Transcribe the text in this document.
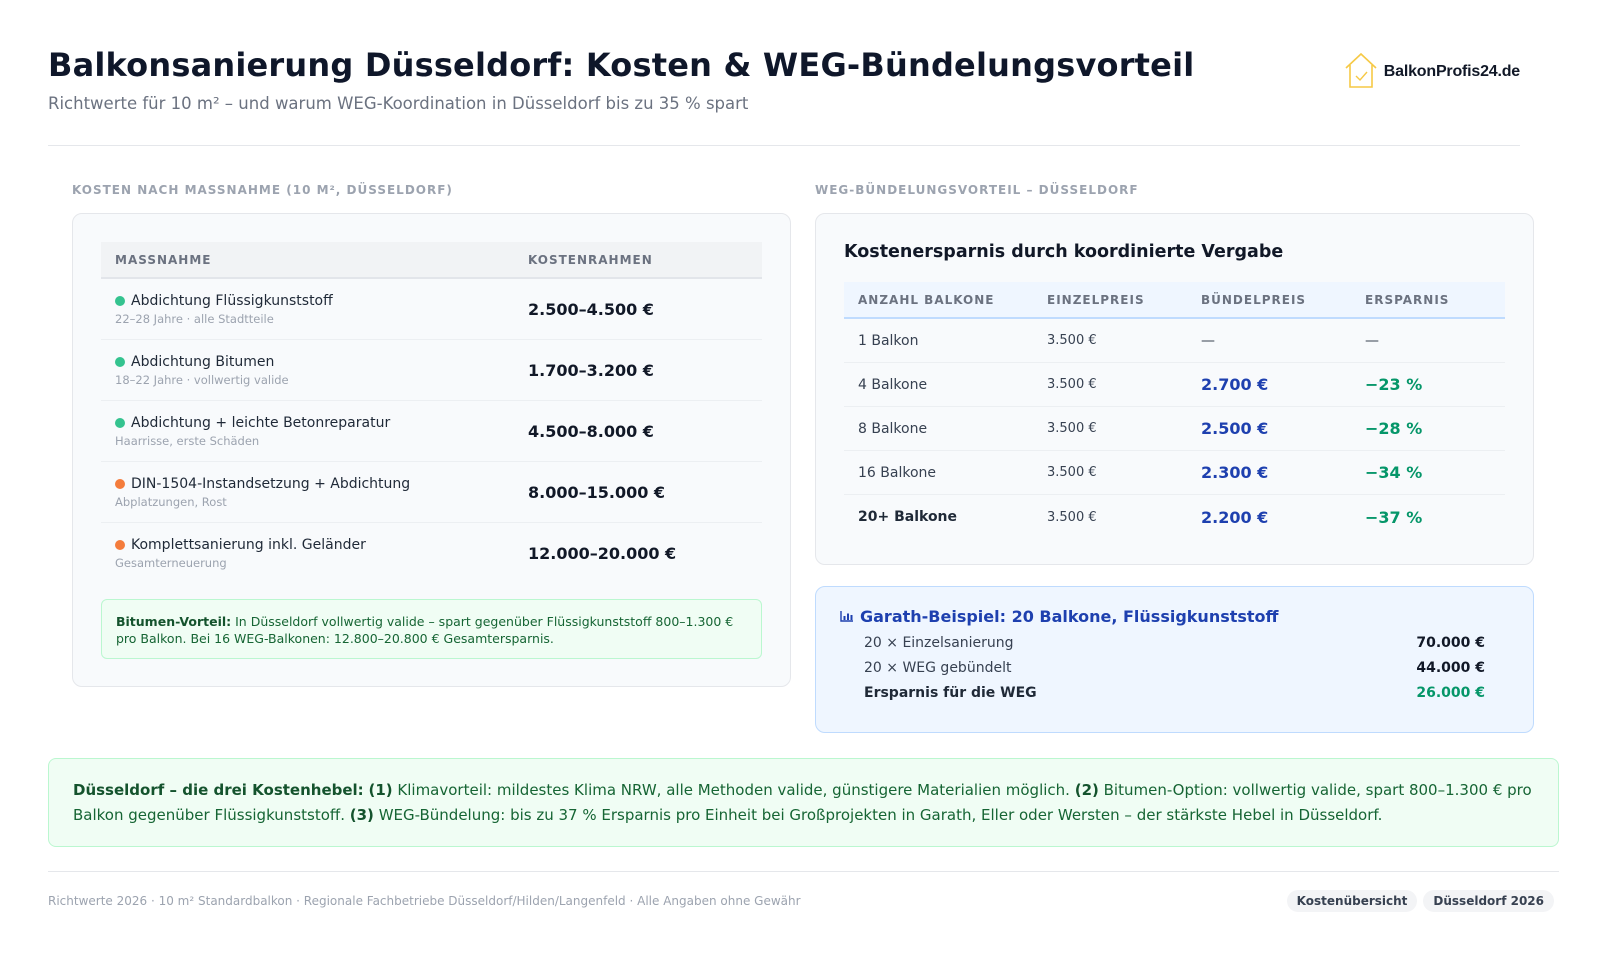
Balkonsanierung Düsseldorf: Kosten & WEG-Bündelungsvorteil

Richtwerte für 10 m² – und warum WEG-Koordination in Düsseldorf bis zu 35 % spart

BalkonProfis24.de
KOSTEN NACH MASSNAHME (10 M², DÜSSELDORF)	WEG-BÜNDELUNGSVORTEIL – DÜSSELDORF
MASSNAHME	KOSTENRAHMEN
Abdichtung Flüssigkunststoff
22–28 Jahre · alle Stadtteile	2.500–4.500 €
Abdichtung Bitumen
18–22 Jahre · vollwertig valide	1.700–3.200 €
Abdichtung + leichte Betonreparatur
Haarrisse, erste Schäden	4.500–8.000 €
DIN-1504-Instandsetzung + Abdichtung
Abplatzungen, Rost	8.000–15.000 €
Komplettsanierung inkl. Geländer
Gesamterneuerung	12.000–20.000 €
Bitumen-Vorteil: In Düsseldorf vollwertig valide – spart gegenüber Flüssigkunststoff 800–1.300 € pro Balkon. Bei 16 WEG-Balkonen: 12.800–20.800 € Gesamtersparnis.
Kostenersparnis durch koordinierte Vergabe
ANZAHL BALKONE	EINZELPREIS	BÜNDELPREIS	ERSPARNIS
1 Balkon	3.500 €	—	—
4 Balkone	3.500 €	2.700 €	−23 %
8 Balkone	3.500 €	2.500 €	−28 %
16 Balkone	3.500 €	2.300 €	−34 %
20+ Balkone	3.500 €	2.200 €	−37 %
Garath-Beispiel: 20 Balkone, Flüssigkunststoff
20 × Einzelsanierung	70.000 €
20 × WEG gebündelt	44.000 €
Ersparnis für die WEG	26.000 €
Düsseldorf – die drei Kostenhebel: (1) Klimavorteil: mildestes Klima NRW, alle Methoden valide, günstigere Materialien möglich. (2) Bitumen-Option: vollwertig valide, spart 800–1.300 € pro Balkon gegenüber Flüssigkunststoff. (3) WEG-Bündelung: bis zu 37 % Ersparnis pro Einheit bei Großprojekten in Garath, Eller oder Wersten – der stärkste Hebel in Düsseldorf.
Richtwerte 2026 · 10 m² Standardbalkon · Regionale Fachbetriebe Düsseldorf/Hilden/Langenfeld · Alle Angaben ohne Gewähr	Kostenübersicht	Düsseldorf 2026
